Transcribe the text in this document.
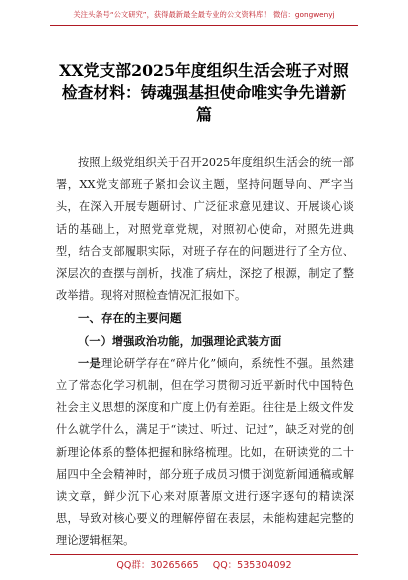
关注头条号“公文研究”，获得最新最全最专业的公文资料库！ 微信：gongwenyj
XX党支部2025年度组织生活会班子对照检查材料：铸魂强基担使命唯实争先谱新篇

按照上级党组织关于召开2025年度组织生活会的统一部署，XX党支部班子紧扣会议主题，坚持问题导向、严字当头，在深入开展专题研讨、广泛征求意见建议、开展谈心谈话的基础上，对照党章党规，对照初心使命，对照先进典型，结合支部履职实际，对班子存在的问题进行了全方位、深层次的查摆与剖析，找准了病灶，深挖了根源，制定了整改举措。现将对照检查情况汇报如下。

一、存在的主要问题

（一）增强政治功能，加强理论武装方面

一是理论研学存在“碎片化”倾向，系统性不强。虽然建立了常态化学习机制，但在学习贯彻习近平新时代中国特色社会主义思想的深度和广度上仍有差距。往往是上级文件发什么就学什么，满足于“读过、听过、记过”，缺乏对党的创新理论体系的整体把握和脉络梳理。比如，在研读党的二十届四中全会精神时，部分班子成员习惯于浏览新闻通稿或解读文章，鲜少沉下心来对原著原文进行逐字逐句的精读深思，导致对核心要义的理解停留在表层，未能构建起完整的理论逻辑框架。

QQ群：30265665 QQ：535304092
